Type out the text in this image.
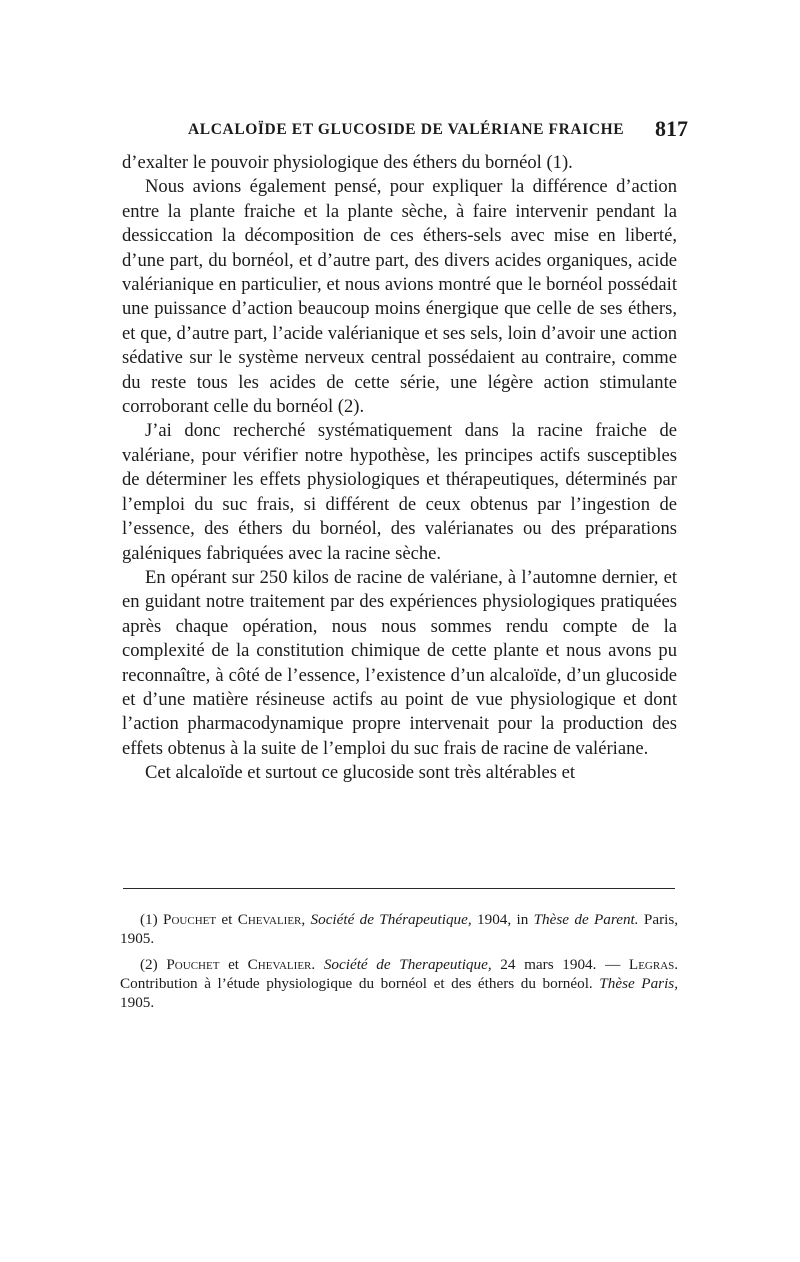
ALCALOÏDE ET GLUCOSIDE DE VALÉRIANE FRAICHE 817

d’exalter le pouvoir physiologique des éthers du bornéol (1).

Nous avions également pensé, pour expliquer la différence d’action entre la plante fraiche et la plante sèche, à faire intervenir pendant la dessiccation la décomposition de ces éthers-sels avec mise en liberté, d’une part, du bornéol, et d’autre part, des divers acides organiques, acide valérianique en particulier, et nous avions montré que le bornéol possédait une puissance d’action beaucoup moins énergique que celle de ses éthers, et que, d’autre part, l’acide valérianique et ses sels, loin d’avoir une action sédative sur le système nerveux central possédaient au contraire, comme du reste tous les acides de cette série, une légère action stimulante corroborant celle du bornéol (2).

J’ai donc recherché systématiquement dans la racine fraiche de valériane, pour vérifier notre hypothèse, les principes actifs susceptibles de déterminer les effets physiologiques et thérapeutiques, déterminés par l’emploi du suc frais, si différent de ceux obtenus par l’ingestion de l’essence, des éthers du bornéol, des valérianates ou des préparations galéniques fabriquées avec la racine sèche.

En opérant sur 250 kilos de racine de valériane, à l’automne dernier, et en guidant notre traitement par des expériences physiologiques pratiquées après chaque opération, nous nous sommes rendu compte de la complexité de la constitution chimique de cette plante et nous avons pu reconnaître, à côté de l’essence, l’existence d’un alcaloïde, d’un glucoside et d’une matière résineuse actifs au point de vue physiologique et dont l’action pharmacodynamique propre intervenait pour la production des effets obtenus à la suite de l’emploi du suc frais de racine de valériane.

Cet alcaloïde et surtout ce glucoside sont très altérables et

(1) Pouchet et Chevalier, Société de Thérapeutique, 1904, in Thèse de Parent. Paris, 1905.

(2) Pouchet et Chevalier. Société de Therapeutique, 24 mars 1904. — Legras. Contribution à l’étude physiologique du bornéol et des éthers du bornéol. Thèse Paris, 1905.
